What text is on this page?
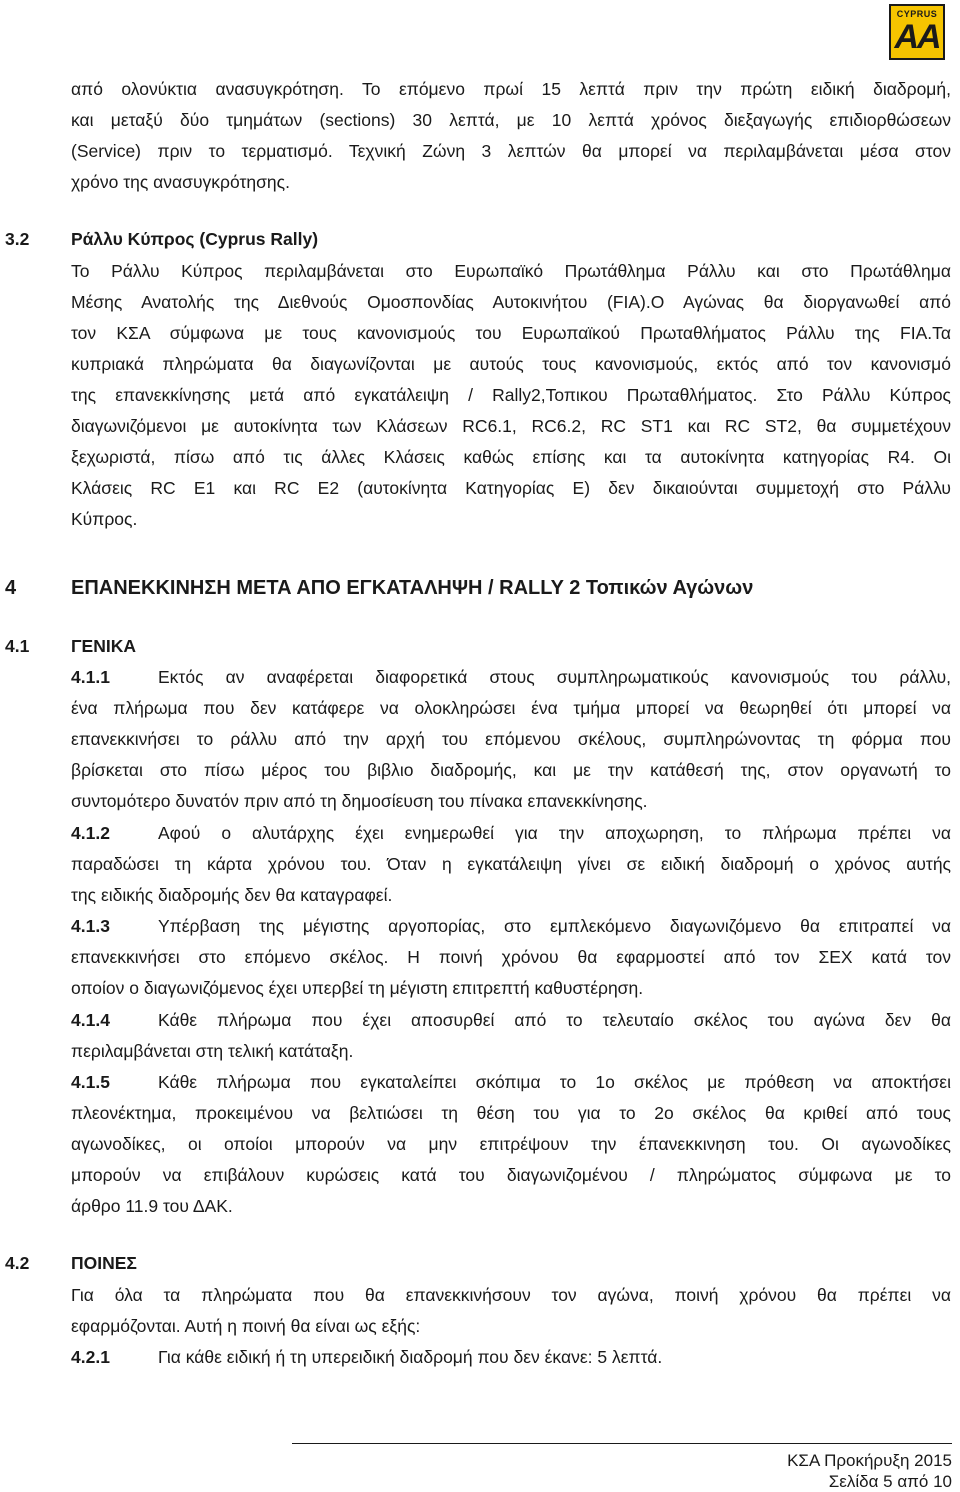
CYPRUS
AA
από ολονύκτια ανασυγκρότηση. Το επόμενο πρωί 15 λεπτά πριν την πρώτη ειδική διαδρομή,
και μεταξύ δύο τμημάτων (sections) 30 λεπτά, με 10 λεπτά χρόνος διεξαγωγής επιδιορθώσεων
(Service) πριν το τερματισμό. Τεχνική Ζώνη 3 λεπτών θα μπορεί να περιλαμβάνεται μέσα στον
χρόνο της ανασυγκρότησης.
3.2 Ράλλυ Κύπρος (Cyprus Rally)
Το Ράλλυ Κύπρος περιλαμβάνεται στο Ευρωπαϊκό Πρωτάθλημα Ράλλυ και στο Πρωτάθλημα
Μέσης Ανατολής της Διεθνούς Ομοσπονδίας Αυτοκινήτου (FIA).Ο Αγώνας θα διοργανωθεί από
τον ΚΣΑ σύμφωνα με τους κανονισμούς του Ευρωπαϊκού Πρωταθλήματος Ράλλυ της FIA.Τα
κυπριακά πληρώματα θα διαγωνίζονται με αυτούς τους κανονισμούς, εκτός από τον κανονισμό
της επανεκκίνησης μετά από εγκατάλειψη / Rally2,Τοπικου Πρωταθλήματος. Στο Ράλλυ Κύπρος
διαγωνιζόμενοι με αυτοκίνητα των Κλάσεων RC6.1, RC6.2, RC ST1 και RC ST2, θα συμμετέχουν
ξεχωριστά, πίσω από τις άλλες Κλάσεις καθώς επίσης και τα αυτοκίνητα κατηγορίας R4. Οι
Κλάσεις RC E1 και RC E2 (αυτοκίνητα Κατηγορίας Ε) δεν δικαιούνται συμμετοχή στο Ράλλυ
Κύπρος.
4	ΕΠΑΝΕΚΚΙΝΗΣΗ ΜΕΤΑ ΑΠΟ ΕΓΚΑΤΑΛΗΨΗ / RALLY 2 Τοπικών Αγώνων
4.1 ΓΕΝΙΚΑ
4.1.1	Εκτός αν αναφέρεται διαφορετικά στους συμπληρωματικούς κανονισμούς του ράλλυ,
ένα πλήρωμα που δεν κατάφερε να ολοκληρώσει ένα τμήμα μπορεί να θεωρηθεί ότι μπορεί να
επανεκκινήσει το ράλλυ από την αρχή του επόμενου σκέλους, συμπληρώνοντας τη φόρμα που
βρίσκεται στο πίσω μέρος του βιβλιο διαδρομής, και με την κατάθεσή της, στον οργανωτή το
συντομότερο δυνατόν πριν από τη δημοσίευση του πίνακα επανεκκίνησης.
4.1.2	Αφού ο αλυτάρχης έχει ενημερωθεί για την αποχωρηση, το πλήρωμα πρέπει να
παραδώσει τη κάρτα χρόνου του. Όταν η εγκατάλειψη γίνει σε ειδική διαδρομή ο χρόνος αυτής
της ειδικής διαδρομής δεν θα καταγραφεί.
4.1.3	Υπέρβαση της μέγιστης αργοπορίας, στο εμπλεκόμενο διαγωνιζόμενο θα επιτραπεί να
επανεκκινήσει στο επόμενο σκέλος. Η ποινή χρόνου θα εφαρμοστεί από τον ΣΕΧ κατά τον
οποίον ο διαγωνιζόμενος έχει υπερβεί τη μέγιστη επιτρεπτή καθυστέρηση.
4.1.4	Κάθε πλήρωμα που έχει αποσυρθεί από το τελευταίο σκέλος του αγώνα δεν θα
περιλαμβάνεται στη τελική κατάταξη.
4.1.5	Κάθε πλήρωμα που εγκαταλείπει σκόπιμα το 1ο σκέλος με πρόθεση να αποκτήσει
πλεονέκτημα, προκειμένου να βελτιώσει τη θέση του για το 2ο σκέλος θα κριθεί από τους
αγωνοδίκες, οι οποίοι μπορούν να μην επιτρέψουν την έπανεκκινηση του. Οι αγωνοδίκες
μπορούν να επιβάλουν κυρώσεις κατά του διαγωνιζομένου / πληρώματος σύμφωνα με το
άρθρο 11.9 του ΔΑΚ.
4.2 ΠΟΙΝΕΣ
Για όλα τα πληρώματα που θα επανεκκινήσουν τον αγώνα, ποινή χρόνου θα πρέπει να
εφαρμόζονται. Αυτή η ποινή θα είναι ως εξής:
4.2.1	Για κάθε ειδική ή τη υπερειδική διαδρομή που δεν έκανε: 5 λεπτά.
ΚΣΑ Προκήρυξη 2015
Σελίδα 5 από 10
